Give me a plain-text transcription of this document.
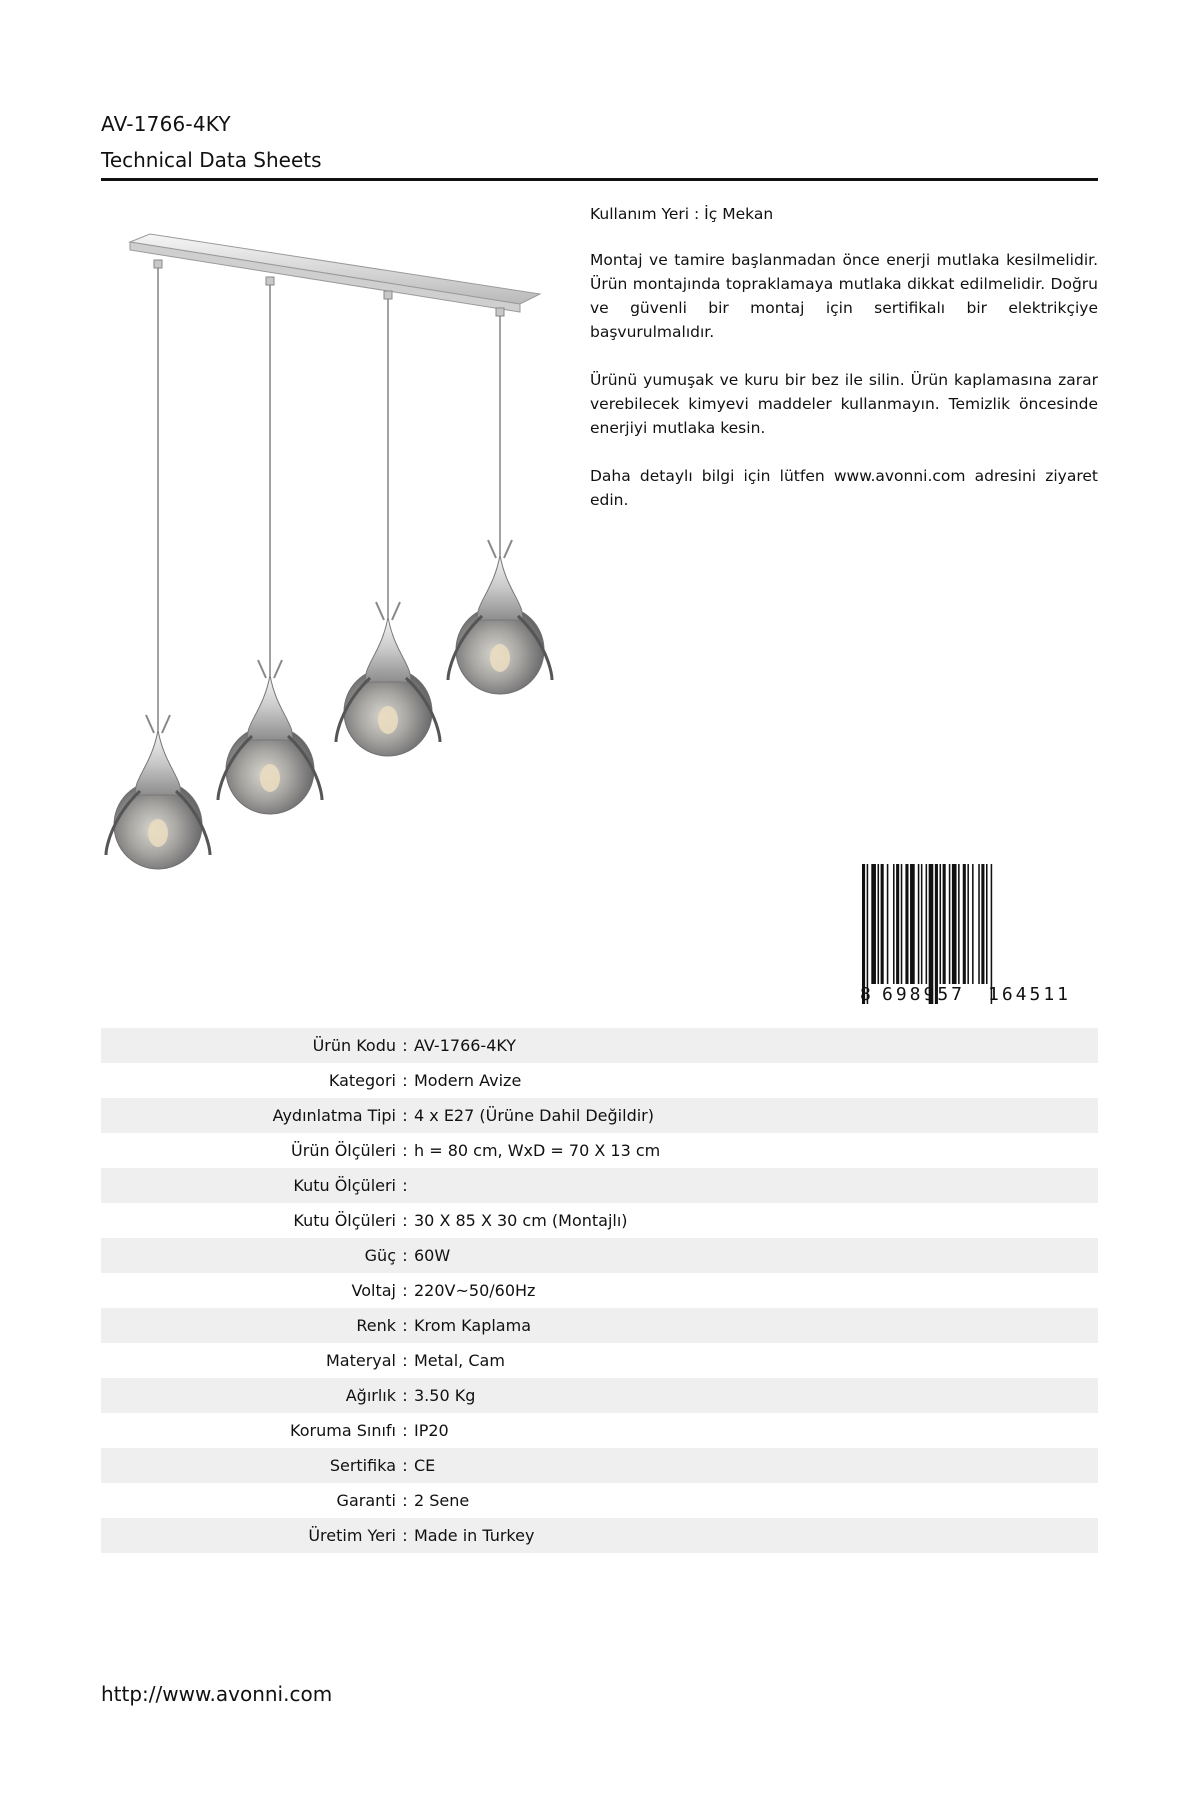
AV-1766-4KY
Technical Data Sheets

Kullanım Yeri : İç Mekan

Montaj ve tamire başlanmadan önce enerji mutlaka kesilmelidir. Ürün montajında topraklamaya mutlaka dikkat edilmelidir. Doğru ve güvenli bir montaj için sertifikalı bir elektrikçiye başvurulmalıdır.

Ürünü yumuşak ve kuru bir bez ile silin. Ürün kaplamasına zarar verebilecek kimyevi maddeler kullanmayın. Temizlik öncesinde enerjiyi mutlaka kesin.

Daha detaylı bilgi için lütfen www.avonni.com adresini ziyaret edin.

8 698957 164511
Ürün Kodu : AV-1766-4KY
Kategori : Modern Avize
Aydınlatma Tipi : 4 x E27 (Ürüne Dahil Değildir)
Ürün Ölçüleri : h = 80 cm, WxD = 70 X 13 cm
Kutu Ölçüleri :
Kutu Ölçüleri : 30 X 85 X 30 cm (Montajlı)
Güç : 60W
Voltaj : 220V~50/60Hz
Renk : Krom Kaplama
Materyal : Metal, Cam
Ağırlık : 3.50 Kg
Koruma Sınıfı : IP20
Sertifika : CE
Garanti : 2 Sene
Üretim Yeri : Made in Turkey
http://www.avonni.com
